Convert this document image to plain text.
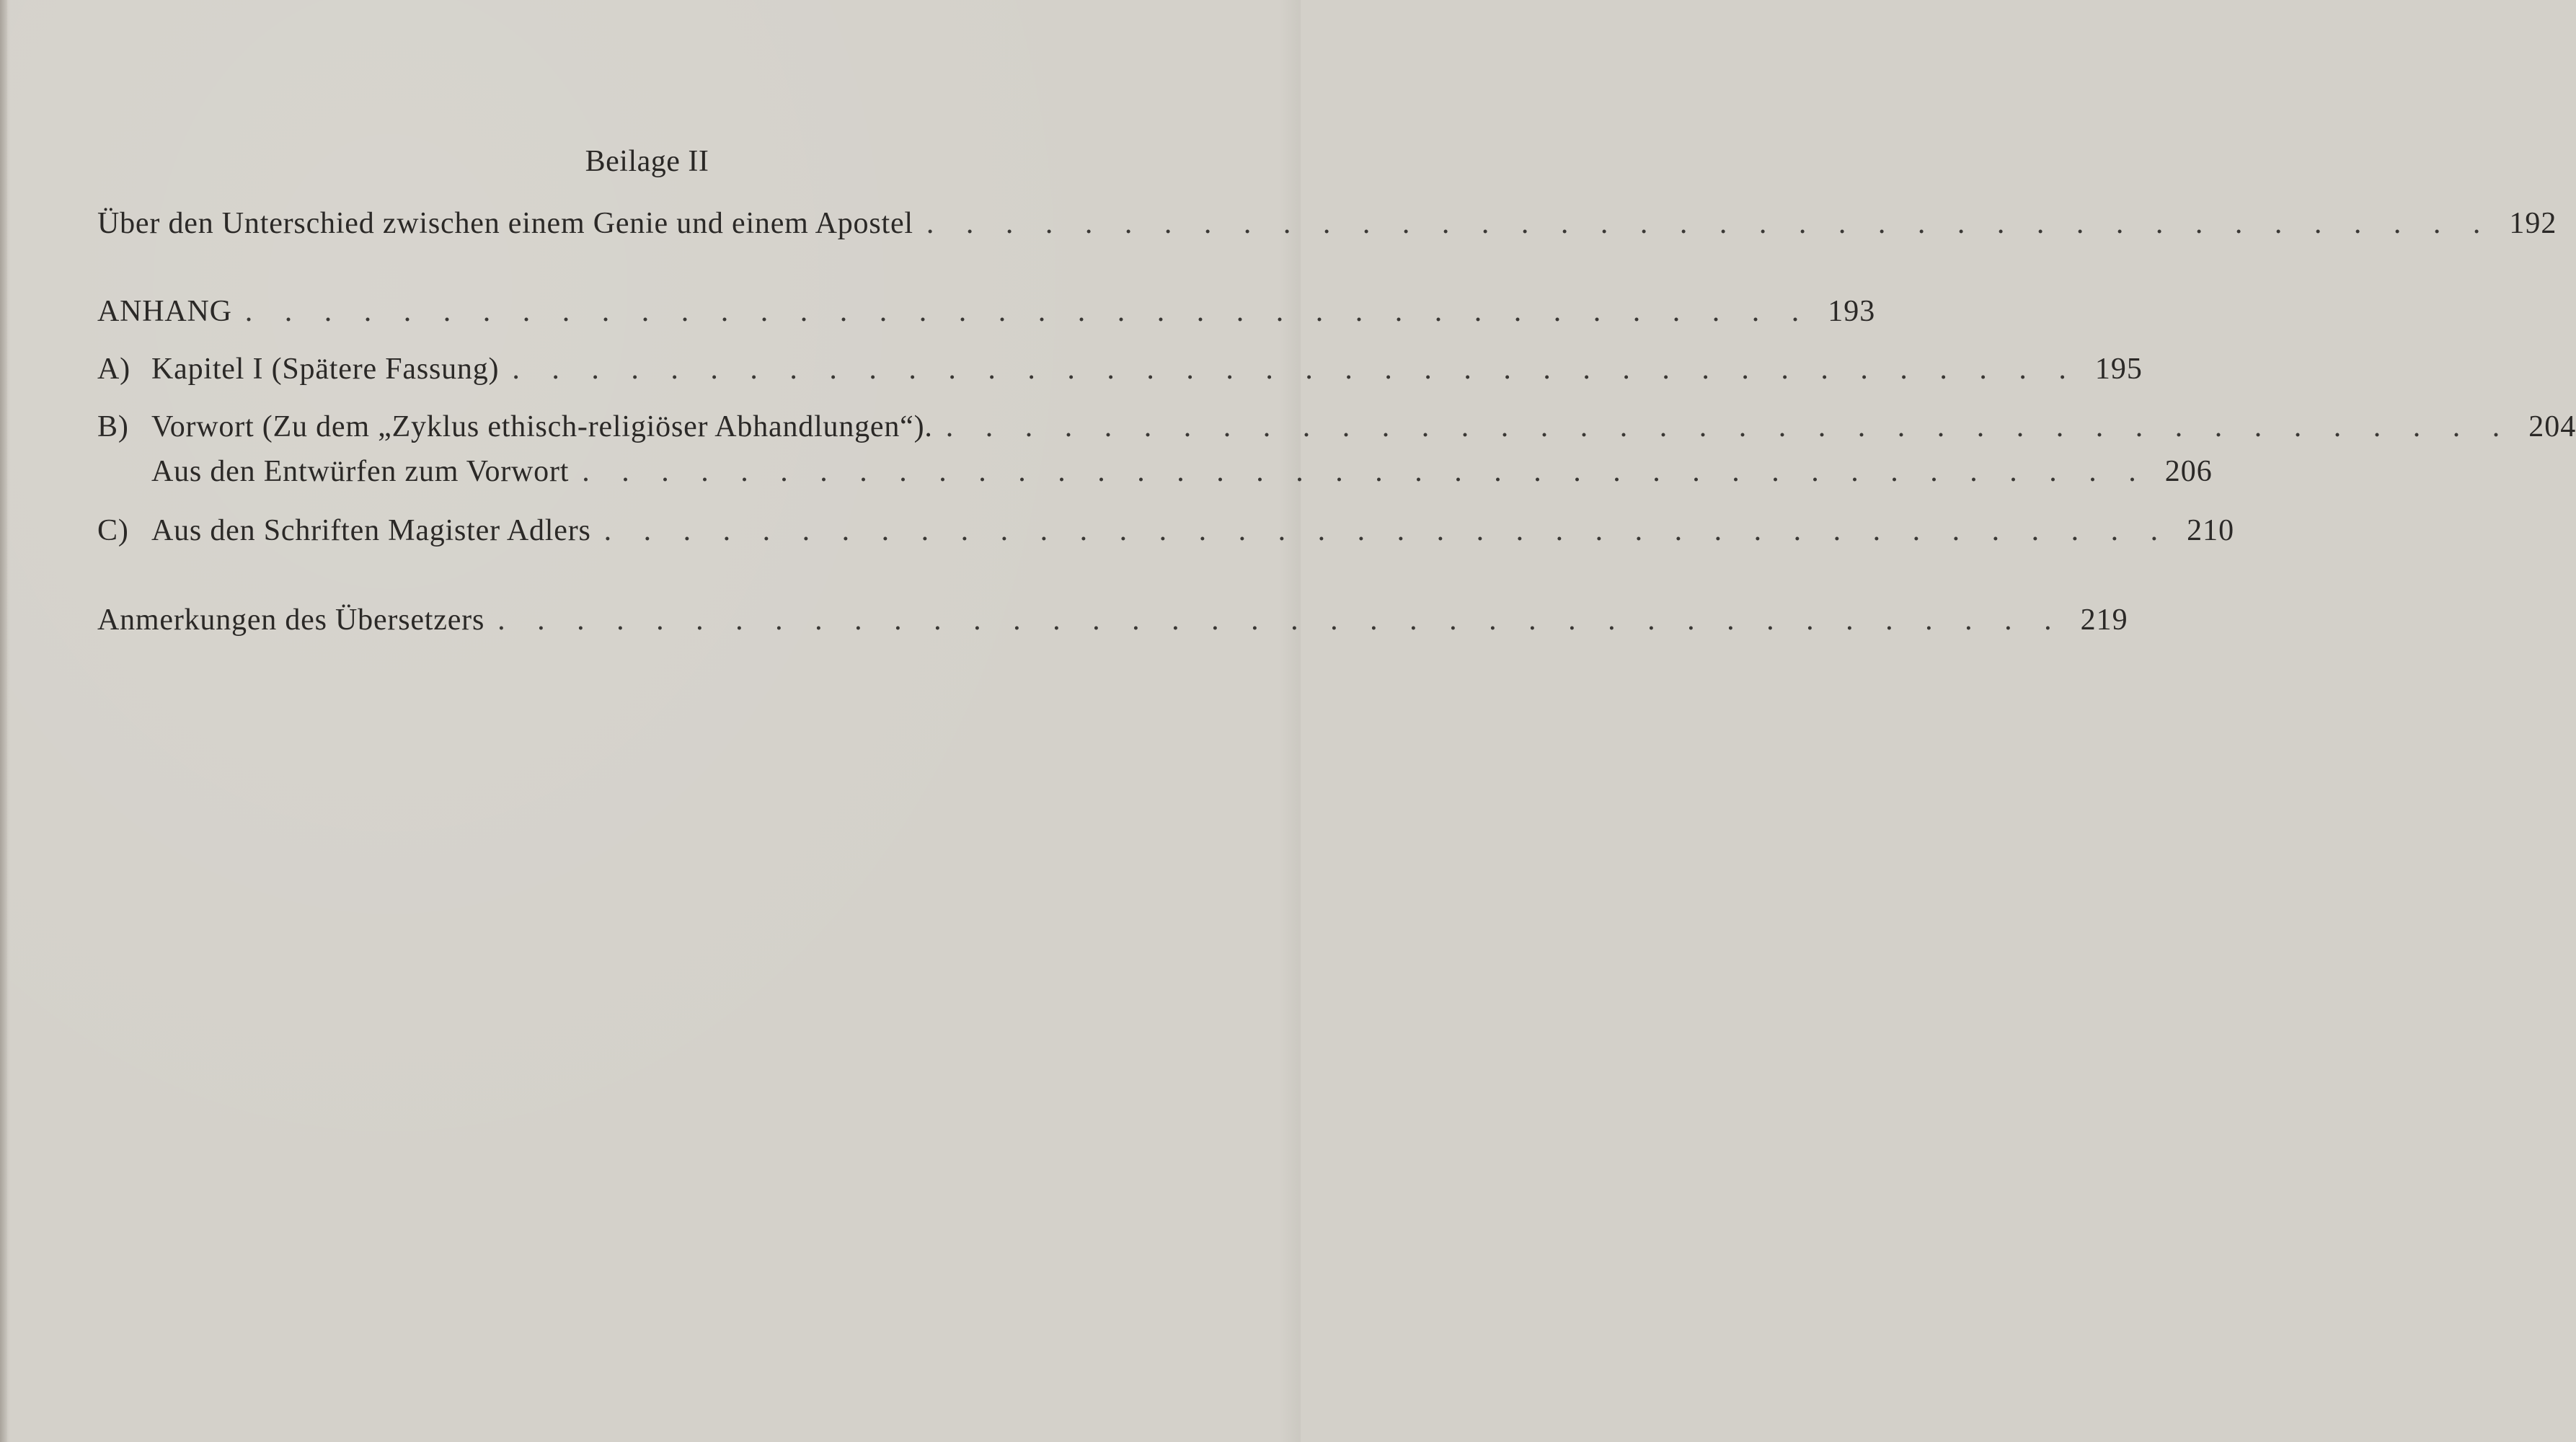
Beilage II
Über den Unterschied zwischen einem Genie und einem Apostel . . . . . . . . . . . . . . . . . . . . . . . . . . . . . . . . . . . . . . . . 192
ANHANG . . . . . . . . . . . . . . . . . . . . . . . . . . . . . . . . . . . . . . . . 193
A) Kapitel I (Spätere Fassung) . . . . . . . . . . . . . . . . . . . . . . . . . . . . . . . . . . . . . . . . 195
B) Vorwort (Zu dem „Zyklus ethisch-religiöser Abhandlungen“). . . . . . . . . . . . . . . . . . . . . . . . . . . . . . . . . . . . . . . . . 204
Aus den Entwürfen zum Vorwort . . . . . . . . . . . . . . . . . . . . . . . . . . . . . . . . . . . . . . . . 206
C) Aus den Schriften Magister Adlers . . . . . . . . . . . . . . . . . . . . . . . . . . . . . . . . . . . . . . . . 210
Anmerkungen des Übersetzers . . . . . . . . . . . . . . . . . . . . . . . . . . . . . . . . . . . . . . . . 219
